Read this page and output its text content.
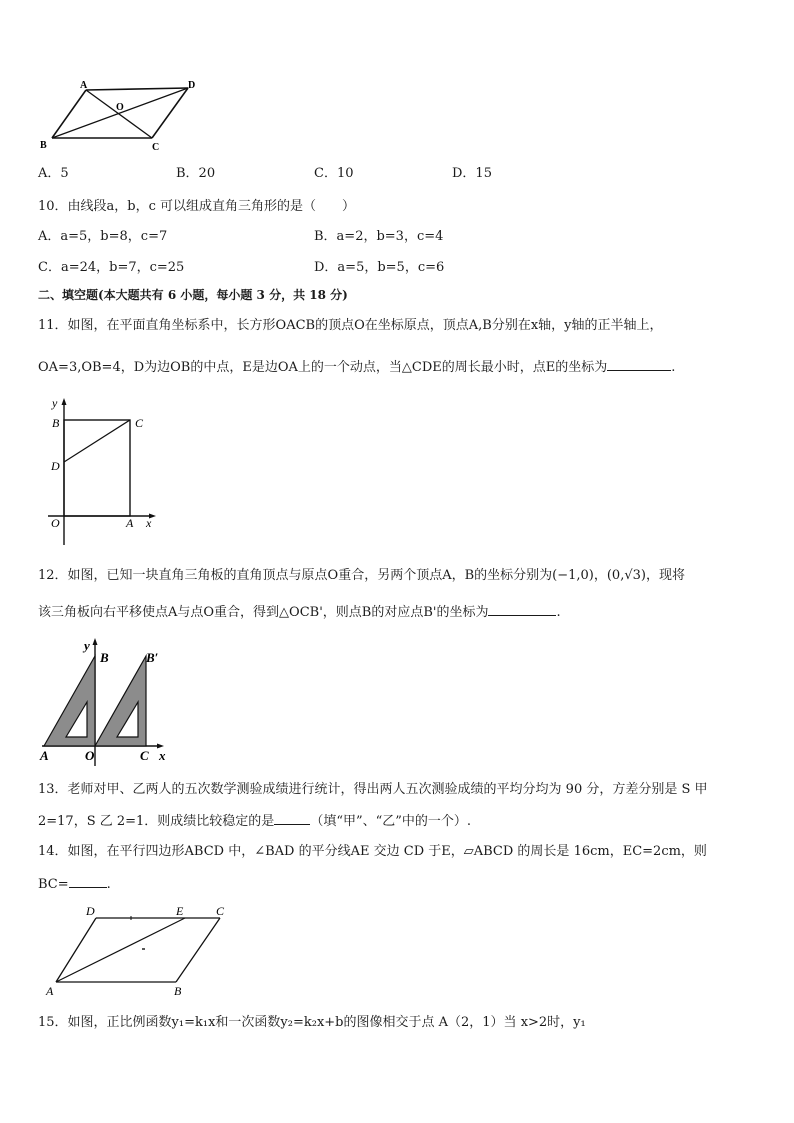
A	D
O
B	C
A．5	B．20	C．10	D．15
10．由线段a，b，c 可以组成直角三角形的是（　　）
A．a=5，b=8，c=7	B．a=2，b=3，c=4
C．a=24，b=7，c=25	D．a=5，b=5，c=6
二、填空题(本大题共有 6 小题，每小题 3 分，共 18 分)
11．如图，在平面直角坐标系中，长方形OACB的顶点O在坐标原点，顶点A,B分别在x轴，y轴的正半轴上，
OA=3,OB=4，D为边OB的中点，E是边OA上的一个动点，当△CDE的周长最小时，点E的坐标为	.
y
B	C
D
O	A x
12．如图，已知一块直角三角板的直角顶点与原点O重合，另两个顶点A，B的坐标分别为(−1,0)，(0,√3)，现将
该三角板向右平移使点A与点O重合，得到△OCB'，则点B的对应点B'的坐标为	.
y
B	B′
A	O	C x
13．老师对甲、乙两人的五次数学测验成绩进行统计，得出两人五次测验成绩的平均分均为 90 分，方差分别是 S 甲
2=17，S 乙 2=1．则成绩比较稳定的是	（填“甲”、“乙”中的一个）.
14．如图，在平行四边形ABCD 中，∠BAD 的平分线AE 交边 CD 于E，▱ABCD 的周长是 16cm，EC=2cm，则
BC=	.
D	E	C
A	B
15．如图，正比例函数y₁=k₁x和一次函数y₂=k₂x+b的图像相交于点 A（2，1）当 x>2时，y₁
